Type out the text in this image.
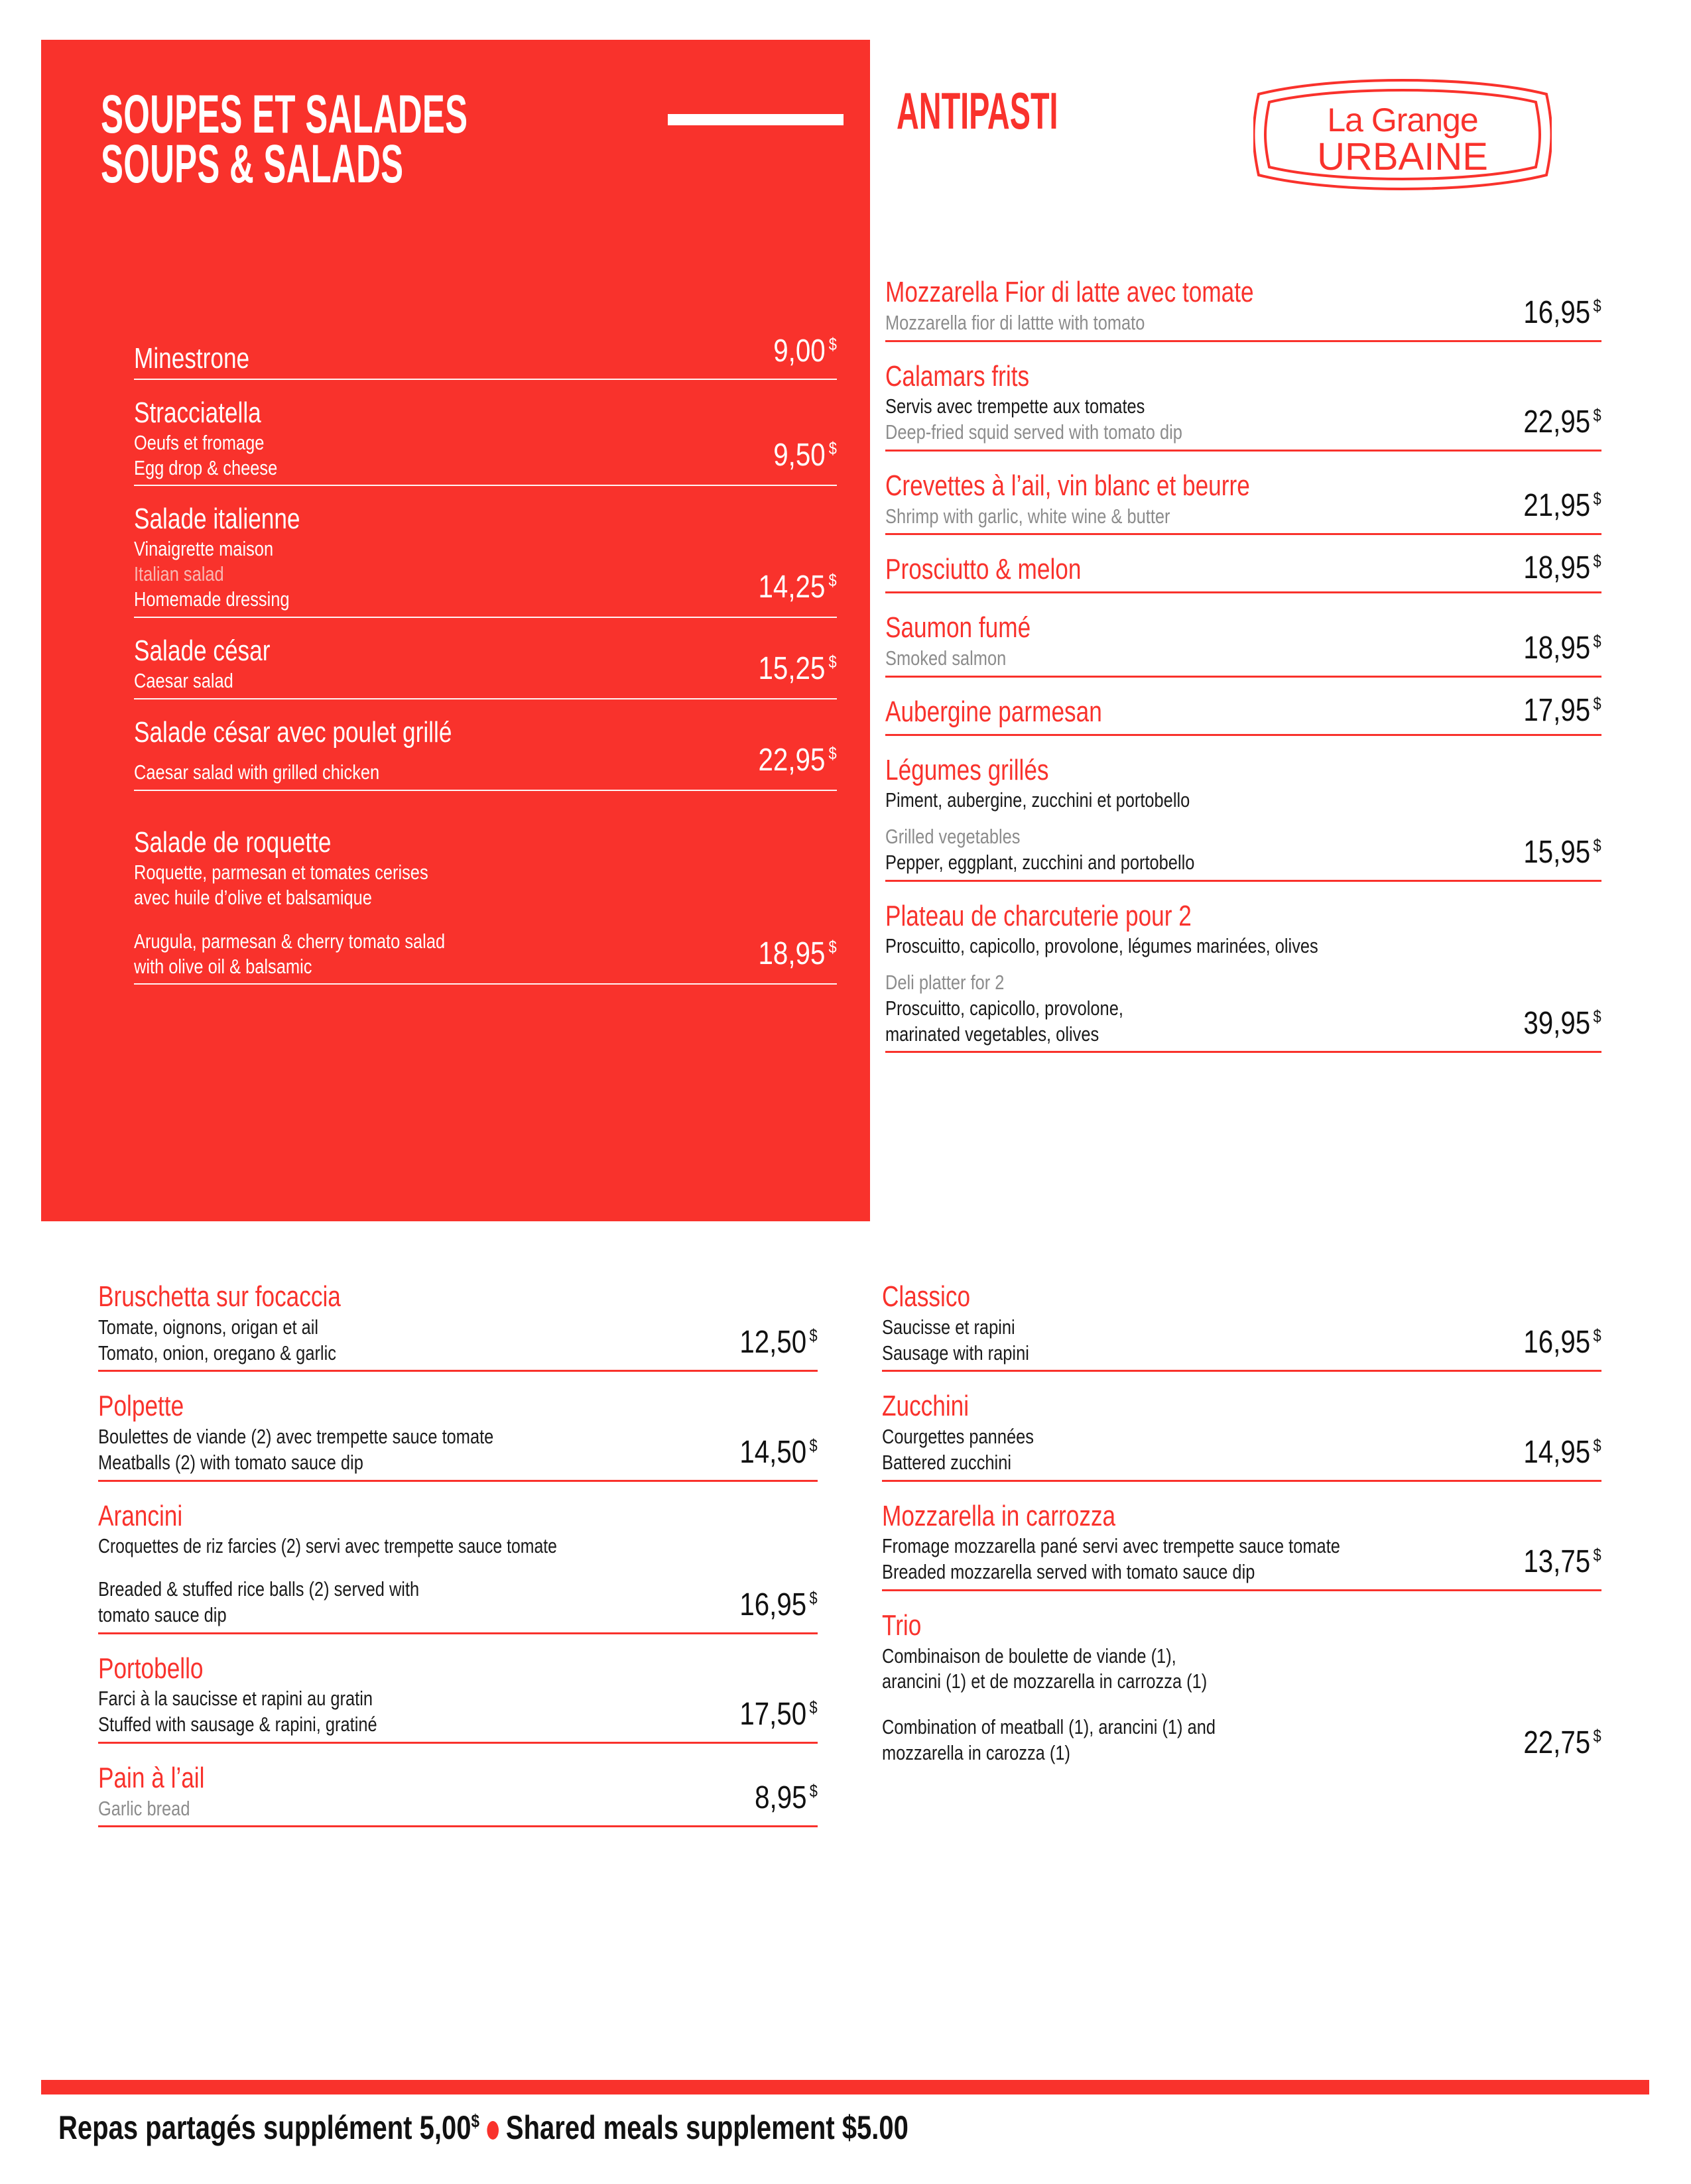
SOUPES ET SALADES
SOUPS & SALADS
Minestrone	9,00 $
Stracciatella
Oeufs et fromage
Egg drop & cheese	9,50 $
Salade italienne
Vinaigrette maison
Italian salad
Homemade dressing	14,25 $
Salade césar
Caesar salad	15,25 $
Salade césar avec poulet grillé
Caesar salad with grilled chicken	22,95 $
Salade de roquette
Roquette, parmesan et tomates cerises
avec huile d’olive et balsamique
Arugula, parmesan & cherry tomato salad
with olive oil & balsamic	18,95 $
ANTIPASTI	La Grange
URBAINE
Mozzarella Fior di latte avec tomate
Mozzarella fior di lattte with tomato	16,95 $
Calamars frits
Servis avec trempette aux tomates
Deep-fried squid served with tomato dip	22,95 $
Crevettes à l’ail, vin blanc et beurre
Shrimp with garlic, white wine & butter	21,95 $
Prosciutto & melon	18,95 $
Saumon fumé
Smoked salmon	18,95 $
Aubergine parmesan	17,95 $
Légumes grillés
Piment, aubergine, zucchini et portobello
Grilled vegetables
Pepper, eggplant, zucchini and portobello	15,95 $
Plateau de charcuterie pour 2
Proscuitto, capicollo, provolone, légumes marinées, olives
Deli platter for 2
Proscuitto, capicollo, provolone,
marinated vegetables, olives	39,95 $
Bruschetta sur focaccia
Tomate, oignons, origan et ail
Tomato, onion, oregano & garlic	12,50 $
Polpette
Boulettes de viande (2) avec trempette sauce tomate
Meatballs (2) with tomato sauce dip	14,50 $
Arancini
Croquettes de riz farcies (2) servi avec trempette sauce tomate
Breaded & stuffed rice balls (2) served with
tomato sauce dip	16,95 $
Portobello
Farci à la saucisse et rapini au gratin
Stuffed with sausage & rapini, gratiné	17,50 $
Pain à l’ail
Garlic bread	8,95 $
Classico
Saucisse et rapini
Sausage with rapini	16,95 $
Zucchini
Courgettes pannées
Battered zucchini	14,95 $
Mozzarella in carrozza
Fromage mozzarella pané servi avec trempette sauce tomate
Breaded mozzarella served with tomato sauce dip	13,75 $
Trio
Combinaison de boulette de viande (1),
arancini (1) et de mozzarella in carrozza (1)
Combination of meatball (1), arancini (1) and
mozzarella in carozza (1)	22,75 $
Repas partagés supplément 5,00$ Shared meals supplement $5.00
